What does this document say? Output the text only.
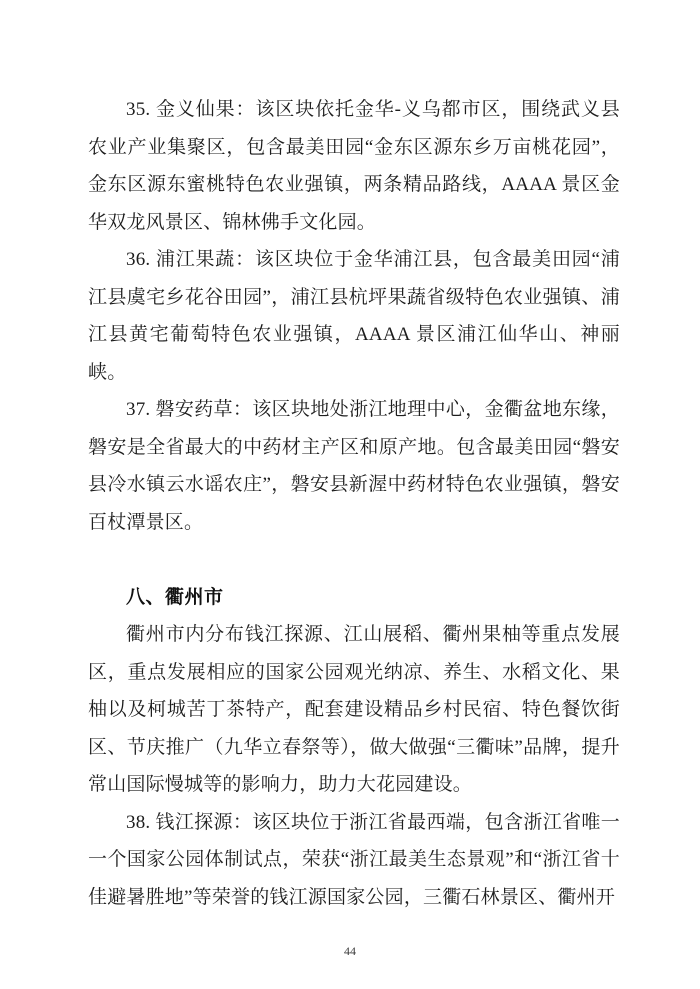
35. 金义仙果：该区块依托金华-义乌都市区，围绕武义县农业产业集聚区，包含最美田园“金东区源东乡万亩桃花园”，金东区源东蜜桃特色农业强镇，两条精品路线，AAAA 景区金华双龙风景区、锦林佛手文化园。

36. 浦江果蔬：该区块位于金华浦江县，包含最美田园“浦江县虞宅乡花谷田园”，浦江县杭坪果蔬省级特色农业强镇、浦江县黄宅葡萄特色农业强镇，AAAA 景区浦江仙华山、神丽峡。

37. 磐安药草：该区块地处浙江地理中心，金衢盆地东缘，磐安是全省最大的中药材主产区和原产地。包含最美田园“磐安县冷水镇云水谣农庄”，磐安县新渥中药材特色农业强镇，磐安百杖潭景区。

八、衢州市

衢州市内分布钱江探源、江山展稻、衢州果柚等重点发展区，重点发展相应的国家公园观光纳凉、养生、水稻文化、果柚以及柯城苦丁茶特产，配套建设精品乡村民宿、特色餐饮街区、节庆推广（九华立春祭等），做大做强“三衢味”品牌，提升常山国际慢城等的影响力，助力大花园建设。

38. 钱江探源：该区块位于浙江省最西端，包含浙江省唯一一个国家公园体制试点，荣获“浙江最美生态景观”和“浙江省十佳避暑胜地”等荣誉的钱江源国家公园，三衢石林景区、衢州开

44
